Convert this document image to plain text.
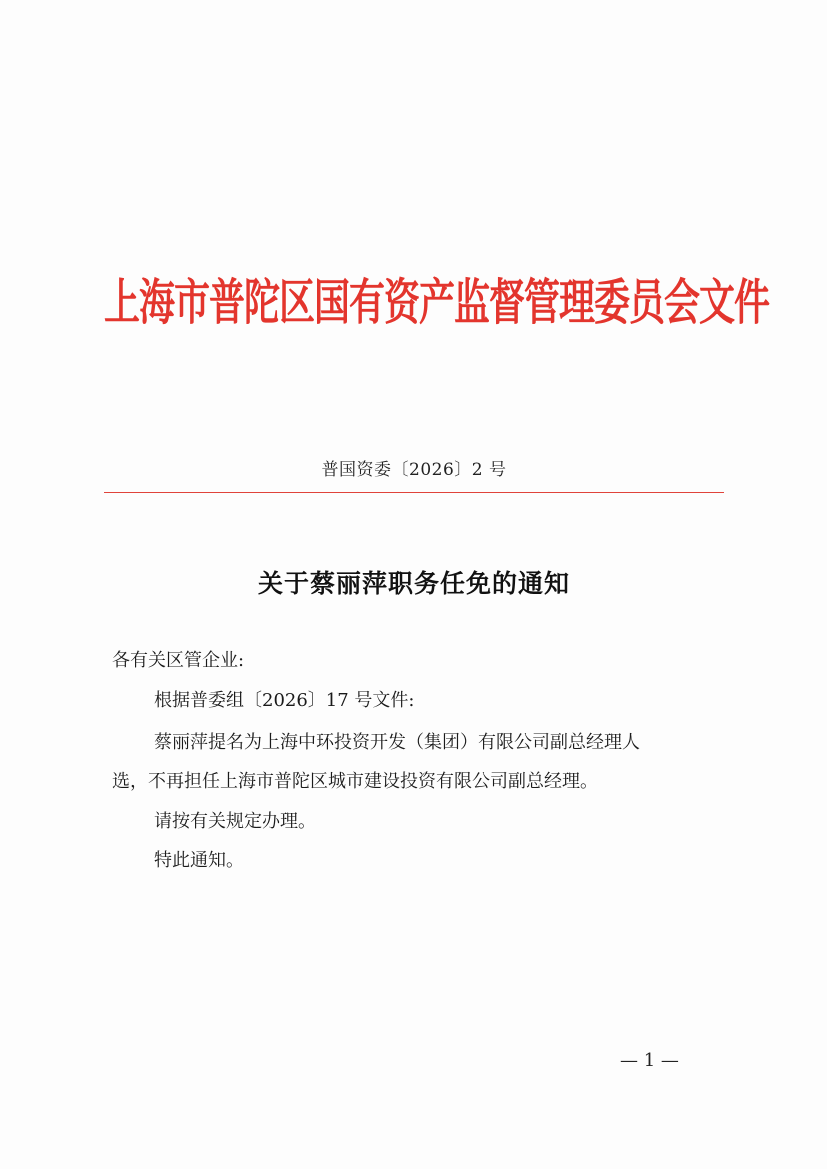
上海市普陀区国有资产监督管理委员会文件
普国资委〔2026〕2 号
关于蔡丽萍职务任免的通知
各有关区管企业:
根据普委组〔2026〕17 号文件:
蔡丽萍提名为上海中环投资开发（集团）有限公司副总经理人
选，不再担任上海市普陀区城市建设投资有限公司副总经理。
请按有关规定办理。
特此通知。
— 1 —
